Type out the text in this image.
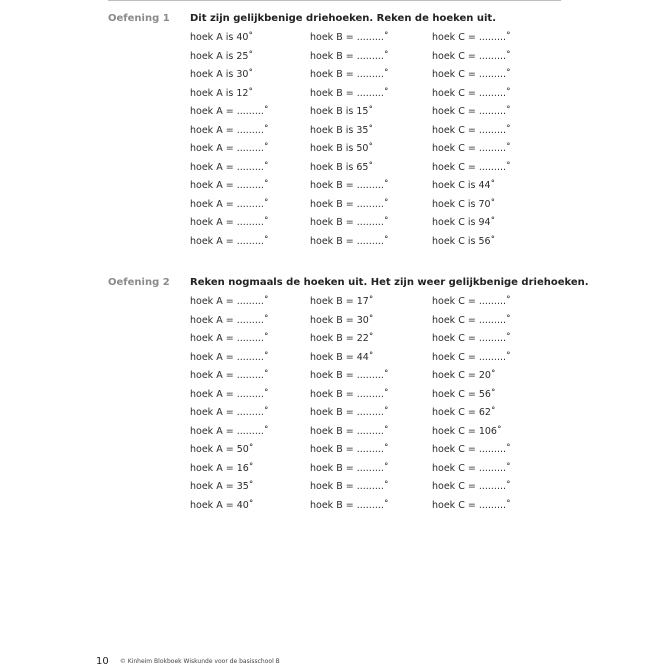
Oefening 1 Dit zijn gelijkbenige driehoeken. Reken de hoeken uit.
hoek A is 40˚	hoek B = .........˚	hoek C = .........˚
hoek A is 25˚	hoek B = .........˚	hoek C = .........˚
hoek A is 30˚	hoek B = .........˚	hoek C = .........˚
hoek A is 12˚	hoek B = .........˚	hoek C = .........˚
hoek A = .........˚	hoek B is 15˚	hoek C = .........˚
hoek A = .........˚	hoek B is 35˚	hoek C = .........˚
hoek A = .........˚	hoek B is 50˚	hoek C = .........˚
hoek A = .........˚	hoek B is 65˚	hoek C = .........˚
hoek A = .........˚	hoek B = .........˚	hoek C is 44˚
hoek A = .........˚	hoek B = .........˚	hoek C is 70˚
hoek A = .........˚	hoek B = .........˚	hoek C is 94˚
hoek A = .........˚	hoek B = .........˚	hoek C is 56˚
Oefening 2 Reken nogmaals de hoeken uit. Het zijn weer gelijkbenige driehoeken.
hoek A = .........˚	hoek B = 17˚	hoek C = .........˚
hoek A = .........˚	hoek B = 30˚	hoek C = .........˚
hoek A = .........˚	hoek B = 22˚	hoek C = .........˚
hoek A = .........˚	hoek B = 44˚	hoek C = .........˚
hoek A = .........˚	hoek B = .........˚	hoek C = 20˚
hoek A = .........˚	hoek B = .........˚	hoek C = 56˚
hoek A = .........˚	hoek B = .........˚	hoek C = 62˚
hoek A = .........˚	hoek B = .........˚	hoek C = 106˚
hoek A = 50˚	hoek B = .........˚	hoek C = .........˚
hoek A = 16˚	hoek B = .........˚	hoek C = .........˚
hoek A = 35˚	hoek B = .........˚	hoek C = .........˚
hoek A = 40˚	hoek B = .........˚	hoek C = .........˚
10 © Kinheim Blokboek Wiskunde voor de basisschool B
